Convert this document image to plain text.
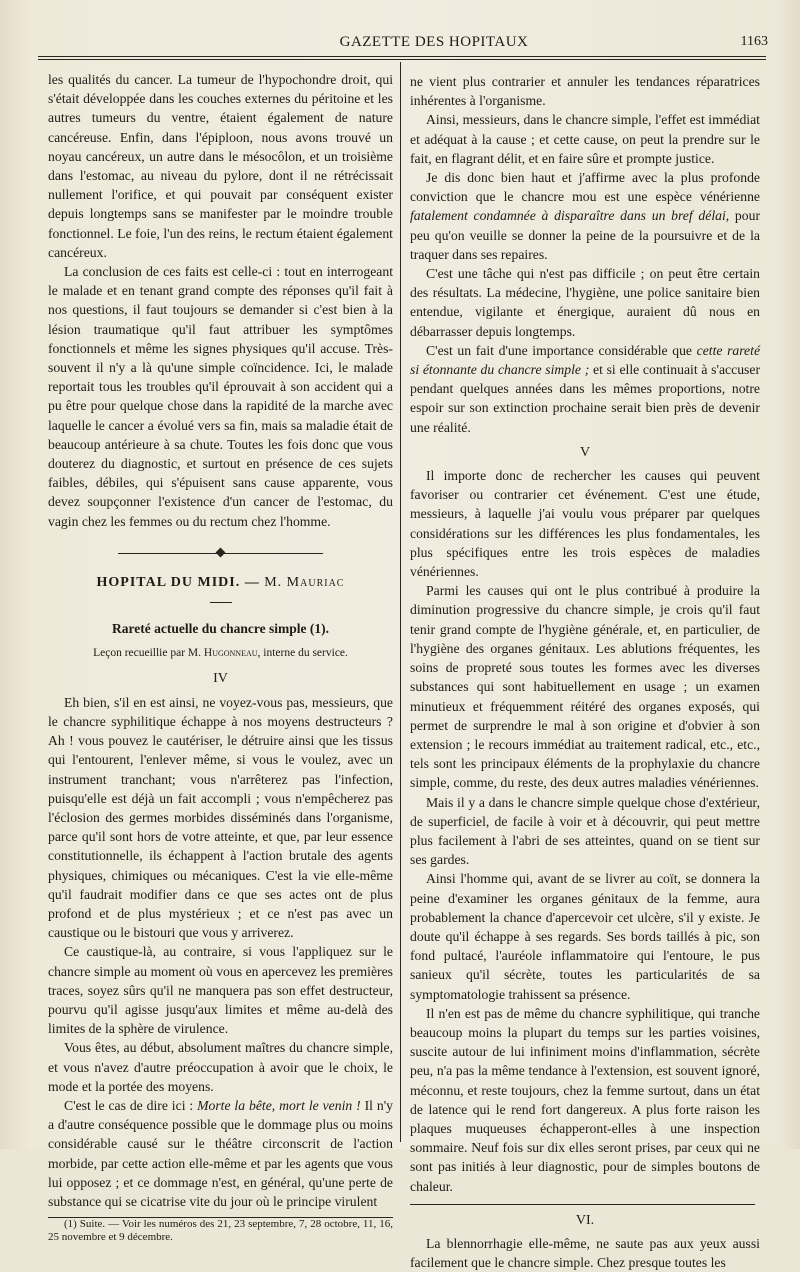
GAZETTE DES HOPITAUX	1163

les qualités du cancer. La tumeur de l'hypochondre droit, qui s'était développée dans les couches externes du péritoine et les autres tumeurs du ventre, étaient également de nature cancéreuse. Enfin, dans l'épiploon, nous avons trouvé un noyau cancéreux, un autre dans le mésocôlon, et un troisième dans l'estomac, au niveau du pylore, dont il ne rétrécissait nullement l'orifice, et qui pouvait par conséquent exister depuis longtemps sans se manifester par le moindre trouble fonctionnel. Le foie, l'un des reins, le rectum étaient également cancéreux.

La conclusion de ces faits est celle-ci : tout en interrogeant le malade et en tenant grand compte des réponses qu'il fait à nos questions, il faut toujours se demander si c'est bien à la lésion traumatique qu'il faut attribuer les symptômes fonctionnels et même les signes physiques qu'il accuse. Très-souvent il n'y a là qu'une simple coïncidence. Ici, le malade reportait tous les troubles qu'il éprouvait à son accident qui a pu être pour quelque chose dans la rapidité de la marche avec laquelle le cancer a évolué vers sa fin, mais sa maladie était de beaucoup antérieure à sa chute. Toutes les fois donc que vous douterez du diagnostic, et surtout en présence de ces sujets faibles, débiles, qui s'épuisent sans cause apparente, vous devez soupçonner l'existence d'un cancer de l'estomac, du vagin chez les femmes ou du rectum chez l'homme.

HOPITAL DU MIDI. — M. Mauriac
Rareté actuelle du chancre simple (1).
Leçon recueillie par M. Hugonneau, interne du service.
IV

Eh bien, s'il en est ainsi, ne voyez-vous pas, messieurs, que le chancre syphilitique échappe à nos moyens destructeurs ? Ah ! vous pouvez le cautériser, le détruire ainsi que les tissus qui l'entourent, l'enlever même, si vous le voulez, avec un instrument tranchant; vous n'arrêterez pas l'infection, puisqu'elle est déjà un fait accompli ; vous n'empêcherez pas l'éclosion des germes morbides disséminés dans l'organisme, parce qu'il sont hors de votre atteinte, et que, par leur essence constitutionnelle, ils échappent à l'action brutale des agents physiques, chimiques ou mécaniques. C'est la vie elle-même qu'il faudrait modifier dans ce que ses actes ont de plus profond et de plus mystérieux ; et ce n'est pas avec un caustique ou le bistouri que vous y arriverez.

Ce caustique-là, au contraire, si vous l'appliquez sur le chancre simple au moment où vous en apercevez les premières traces, soyez sûrs qu'il ne manquera pas son effet destructeur, pourvu qu'il agisse jusqu'aux limites et même au-delà des limites de la sphère de virulence.

Vous êtes, au début, absolument maîtres du chancre simple, et vous n'avez d'autre préoccupation à avoir que le choix, le mode et la portée des moyens.

C'est le cas de dire ici : Morte la bête, mort le venin ! Il n'y a d'autre conséquence possible que le dommage plus ou moins considérable causé sur le théâtre circonscrit de l'action morbide, par cette action elle-même et par les agents que vous lui opposez ; et ce dommage n'est, en général, qu'une perte de substance qui se cicatrise vite du jour où le principe virulent

(1) Suite. — Voir les numéros des 21, 23 septembre, 7, 28 octobre, 11, 16, 25 novembre et 9 décembre.

ne vient plus contrarier et annuler les tendances réparatrices inhérentes à l'organisme.

Ainsi, messieurs, dans le chancre simple, l'effet est immédiat et adéquat à la cause ; et cette cause, on peut la prendre sur le fait, en flagrant délit, et en faire sûre et prompte justice.

Je dis donc bien haut et j'affirme avec la plus profonde conviction que le chancre mou est une espèce vénérienne fatalement condamnée à disparaître dans un bref délai, pour peu qu'on veuille se donner la peine de la poursuivre et de la traquer dans ses repaires.

C'est une tâche qui n'est pas difficile ; on peut être certain des résultats. La médecine, l'hygiène, une police sanitaire bien entendue, vigilante et énergique, auraient dû nous en débarrasser depuis longtemps.

C'est un fait d'une importance considérable que cette rareté si étonnante du chancre simple ; et si elle continuait à s'accuser pendant quelques années dans les mêmes proportions, notre espoir sur son extinction prochaine serait bien près de devenir une réalité.

V

Il importe donc de rechercher les causes qui peuvent favoriser ou contrarier cet événement. C'est une étude, messieurs, à laquelle j'ai voulu vous préparer par quelques considérations sur les différences les plus fondamentales, les plus spécifiques entre les trois espèces de maladies vénériennes.

Parmi les causes qui ont le plus contribué à produire la diminution progressive du chancre simple, je crois qu'il faut tenir grand compte de l'hygiène générale, et, en particulier, de l'hygiène des organes génitaux. Les ablutions fréquentes, les soins de propreté sous toutes les formes avec les diverses substances qui sont habituellement en usage ; un examen minutieux et fréquemment réitéré des organes exposés, qui permet de surprendre le mal à son origine et d'obvier à son extension ; le recours immédiat au traitement radical, etc., etc., tels sont les principaux éléments de la prophylaxie du chancre simple, comme, du reste, des deux autres maladies vénériennes.

Mais il y a dans le chancre simple quelque chose d'extérieur, de superficiel, de facile à voir et à découvrir, qui peut mettre plus facilement à l'abri de ses atteintes, quand on se tient sur ses gardes.

Ainsi l'homme qui, avant de se livrer au coït, se donnera la peine d'examiner les organes génitaux de la femme, aura probablement la chance d'apercevoir cet ulcère, s'il y existe. Je doute qu'il échappe à ses regards. Ses bords taillés à pic, son fond pultacé, l'auréole inflammatoire qui l'entoure, le pus sanieux qu'il sécrète, toutes les particularités de sa symptomatologie trahissent sa présence.

Il n'en est pas de même du chancre syphilitique, qui tranche beaucoup moins la plupart du temps sur les parties voisines, suscite autour de lui infiniment moins d'inflammation, sécrète peu, n'a pas la même tendance à l'extension, est souvent ignoré, méconnu, et reste toujours, chez la femme surtout, dans un état de latence qui le rend fort dangereux. A plus forte raison les plaques muqueuses échapperont-elles à une inspection sommaire. Neuf fois sur dix elles seront prises, par ceux qui ne sont pas initiés à leur diagnostic, pour de simples boutons de chaleur.

VI.

La blennorrhagie elle-même, ne saute pas aux yeux aussi facilement que le chancre simple. Chez presque toutes les
